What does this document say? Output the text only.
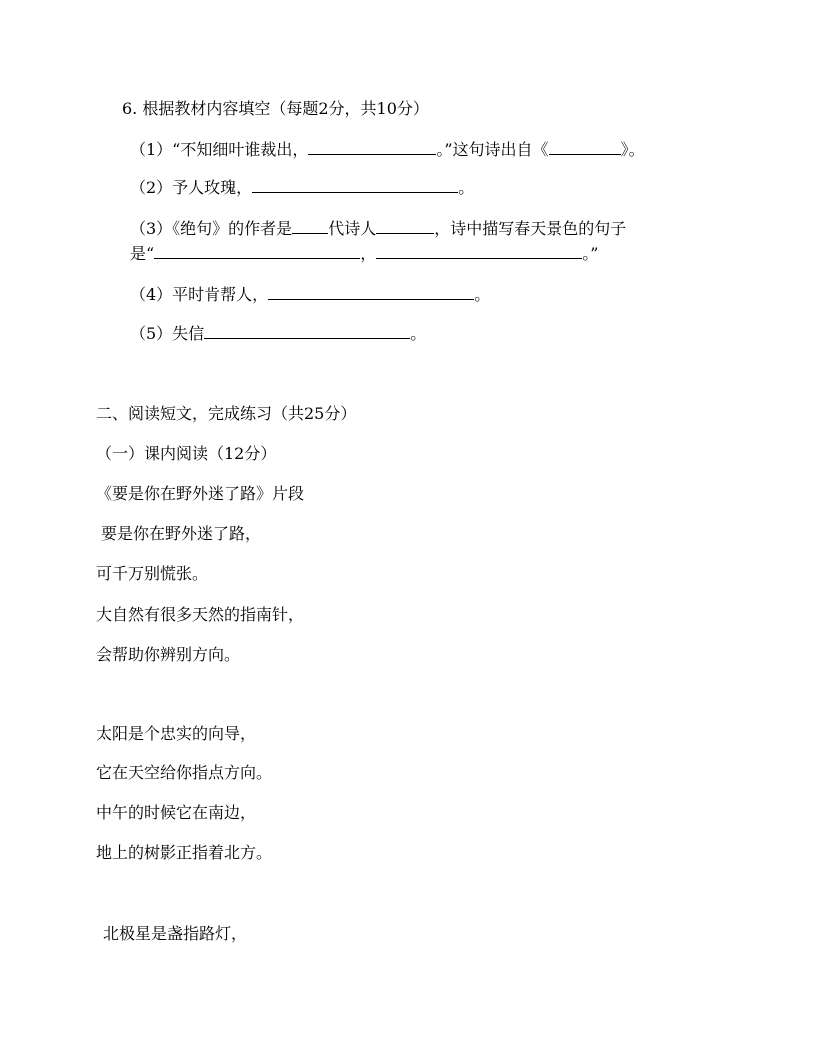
6. 根据教材内容填空（每题2分，共10分）
（1）“不知细叶谁裁出，	。”这句诗出自《	》。
（2）予人玫瑰，	。
（3）《绝句》的作者是 代诗人	，诗中描写春天景色的句子
是“	，	。”
（4）平时肯帮人，	。
（5）失信	。
二、阅读短文，完成练习（共25分）
（一）课内阅读（12分）
《要是你在野外迷了路》片段
要是你在野外迷了路，
可千万别慌张。
大自然有很多天然的指南针，
会帮助你辨别方向。
太阳是个忠实的向导，
它在天空给你指点方向。
中午的时候它在南边，
地上的树影正指着北方。
北极星是盏指路灯，
